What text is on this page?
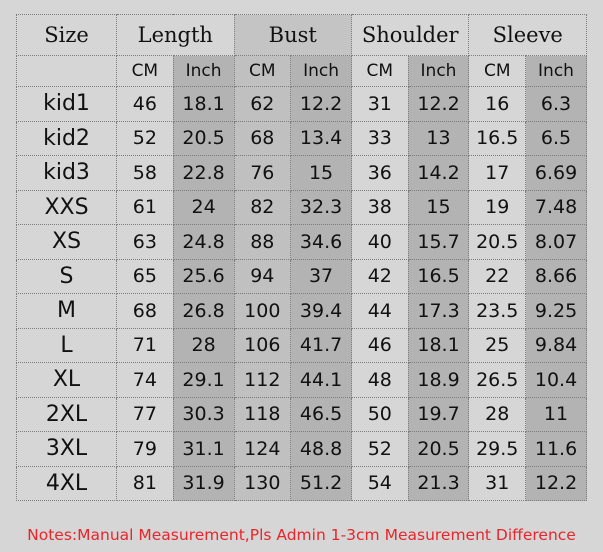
Size	Length		Bust		Shoulder		Sleeve	
	CM	Inch	CM	Inch	CM	Inch	CM	Inch
kid1	46	18.1	62	12.2	31	12.2	16	6.3
kid2	52	20.5	68	13.4	33	13	16.5	6.5
kid3	58	22.8	76	15	36	14.2	17	6.69
XXS	61	24	82	32.3	38	15	19	7.48
XS	63	24.8	88	34.6	40	15.7	20.5	8.07
S	65	25.6	94	37	42	16.5	22	8.66
M	68	26.8	100	39.4	44	17.3	23.5	9.25
L	71	28	106	41.7	46	18.1	25	9.84
XL	74	29.1	112	44.1	48	18.9	26.5	10.4
2XL	77	30.3	118	46.5	50	19.7	28	11
3XL	79	31.1	124	48.8	52	20.5	29.5	11.6
4XL	81	31.9	130	51.2	54	21.3	31	12.2
Notes:Manual Measurement,Pls Admin 1-3cm Measurement Difference
